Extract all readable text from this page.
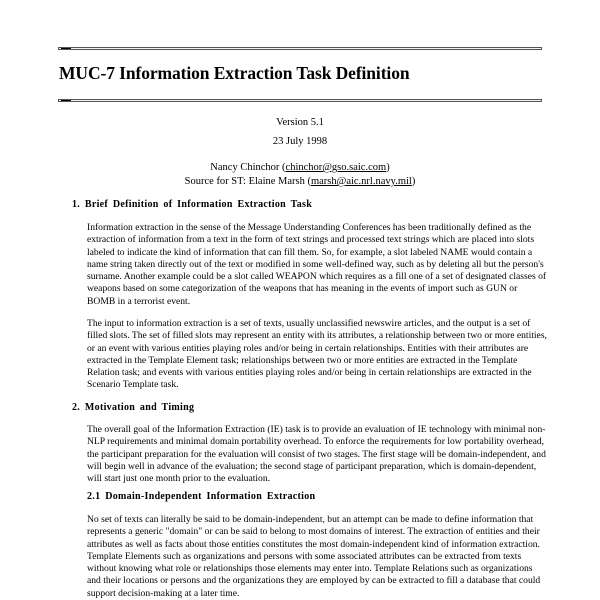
MUC-7 Information Extraction Task Definition

Version 5.1

23 July 1998

Nancy Chinchor (chinchor@gso.saic.com)

Source for ST: Elaine Marsh (marsh@aic.nrl.navy.mil)

1. Brief Definition of Information Extraction Task

Information extraction in the sense of the Message Understanding Conferences has been traditionally defined as the extraction of information from a text in the form of text strings and processed text strings which are placed into slots labeled to indicate the kind of information that can fill them. So, for example, a slot labeled NAME would contain a name string taken directly out of the text or modified in some well-defined way, such as by deleting all but the person's surname. Another example could be a slot called WEAPON which requires as a fill one of a set of designated classes of weapons based on some categorization of the weapons that has meaning in the events of import such as GUN or BOMB in a terrorist event.

The input to information extraction is a set of texts, usually unclassified newswire articles, and the output is a set of filled slots. The set of filled slots may represent an entity with its attributes, a relationship between two or more entities, or an event with various entities playing roles and/or being in certain relationships. Entities with their attributes are extracted in the Template Element task; relationships between two or more entities are extracted in the Template Relation task; and events with various entities playing roles and/or being in certain relationships are extracted in the Scenario Template task.

2. Motivation and Timing

The overall goal of the Information Extraction (IE) task is to provide an evaluation of IE technology with minimal non-NLP requirements and minimal domain portability overhead. To enforce the requirements for low portability overhead, the participant preparation for the evaluation will consist of two stages. The first stage will be domain-independent, and will begin well in advance of the evaluation; the second stage of participant preparation, which is domain-dependent, will start just one month prior to the evaluation.

2.1 Domain-Independent Information Extraction

No set of texts can literally be said to be domain-independent, but an attempt can be made to define information that represents a generic "domain" or can be said to belong to most domains of interest. The extraction of entities and their attributes as well as facts about those entities constitutes the most domain-independent kind of information extraction. Template Elements such as organizations and persons with some associated attributes can be extracted from texts without knowing what role or relationships those elements may enter into. Template Relations such as organizations and their locations or persons and the organizations they are employed by can be extracted to fill a database that could support decision-making at a later time.
